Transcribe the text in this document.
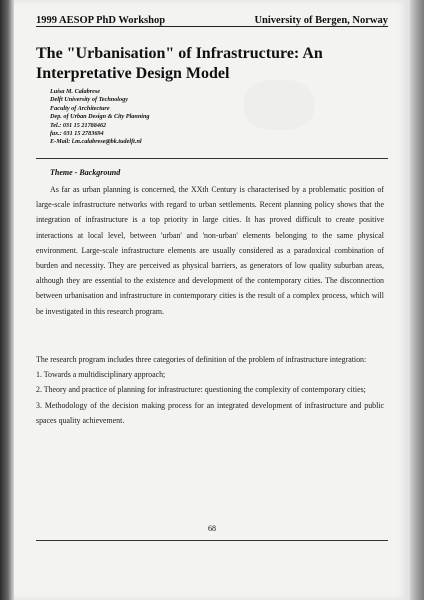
1999 AESOP PhD Workshop	University of Bergen, Norway
The "Urbanisation" of Infrastructure: An
Interpretative Design Model
Luisa M. Calabrese
Delft University of Technology
Faculty of Architecture
Dep. of Urban Design & City Planning
Tel.: 031 15 21788462
fax.: 031 15 2783694
E-Mail: l.m.calabrese@bk.tudelft.nl
Theme - Background
As far as urban planning is concerned, the XXth Century is characterised by a problematic position of large-scale infrastructure networks with regard to urban settlements. Recent planning policy shows that the integration of infrastructure is a top priority in large cities. It has proved difficult to create positive interactions at local level, between 'urban' and 'non-urban' elements belonging to the same physical environment. Large-scale infrastructure elements are usually considered as a paradoxical combination of burden and necessity. They are perceived as physical barriers, as generators of low quality suburban areas, although they are essential to the existence and development of the contemporary cities. The disconnection between urbanisation and infrastructure in contemporary cities is the result of a complex process, which will be investigated in this research program.
The research program includes three categories of definition of the problem of infrastructure integration:
1. Towards a multidisciplinary approach;
2. Theory and practice of planning for infrastructure: questioning the complexity of contemporary cities;
3. Methodology of the decision making process for an integrated development of infrastructure and public spaces quality achievement.
68
